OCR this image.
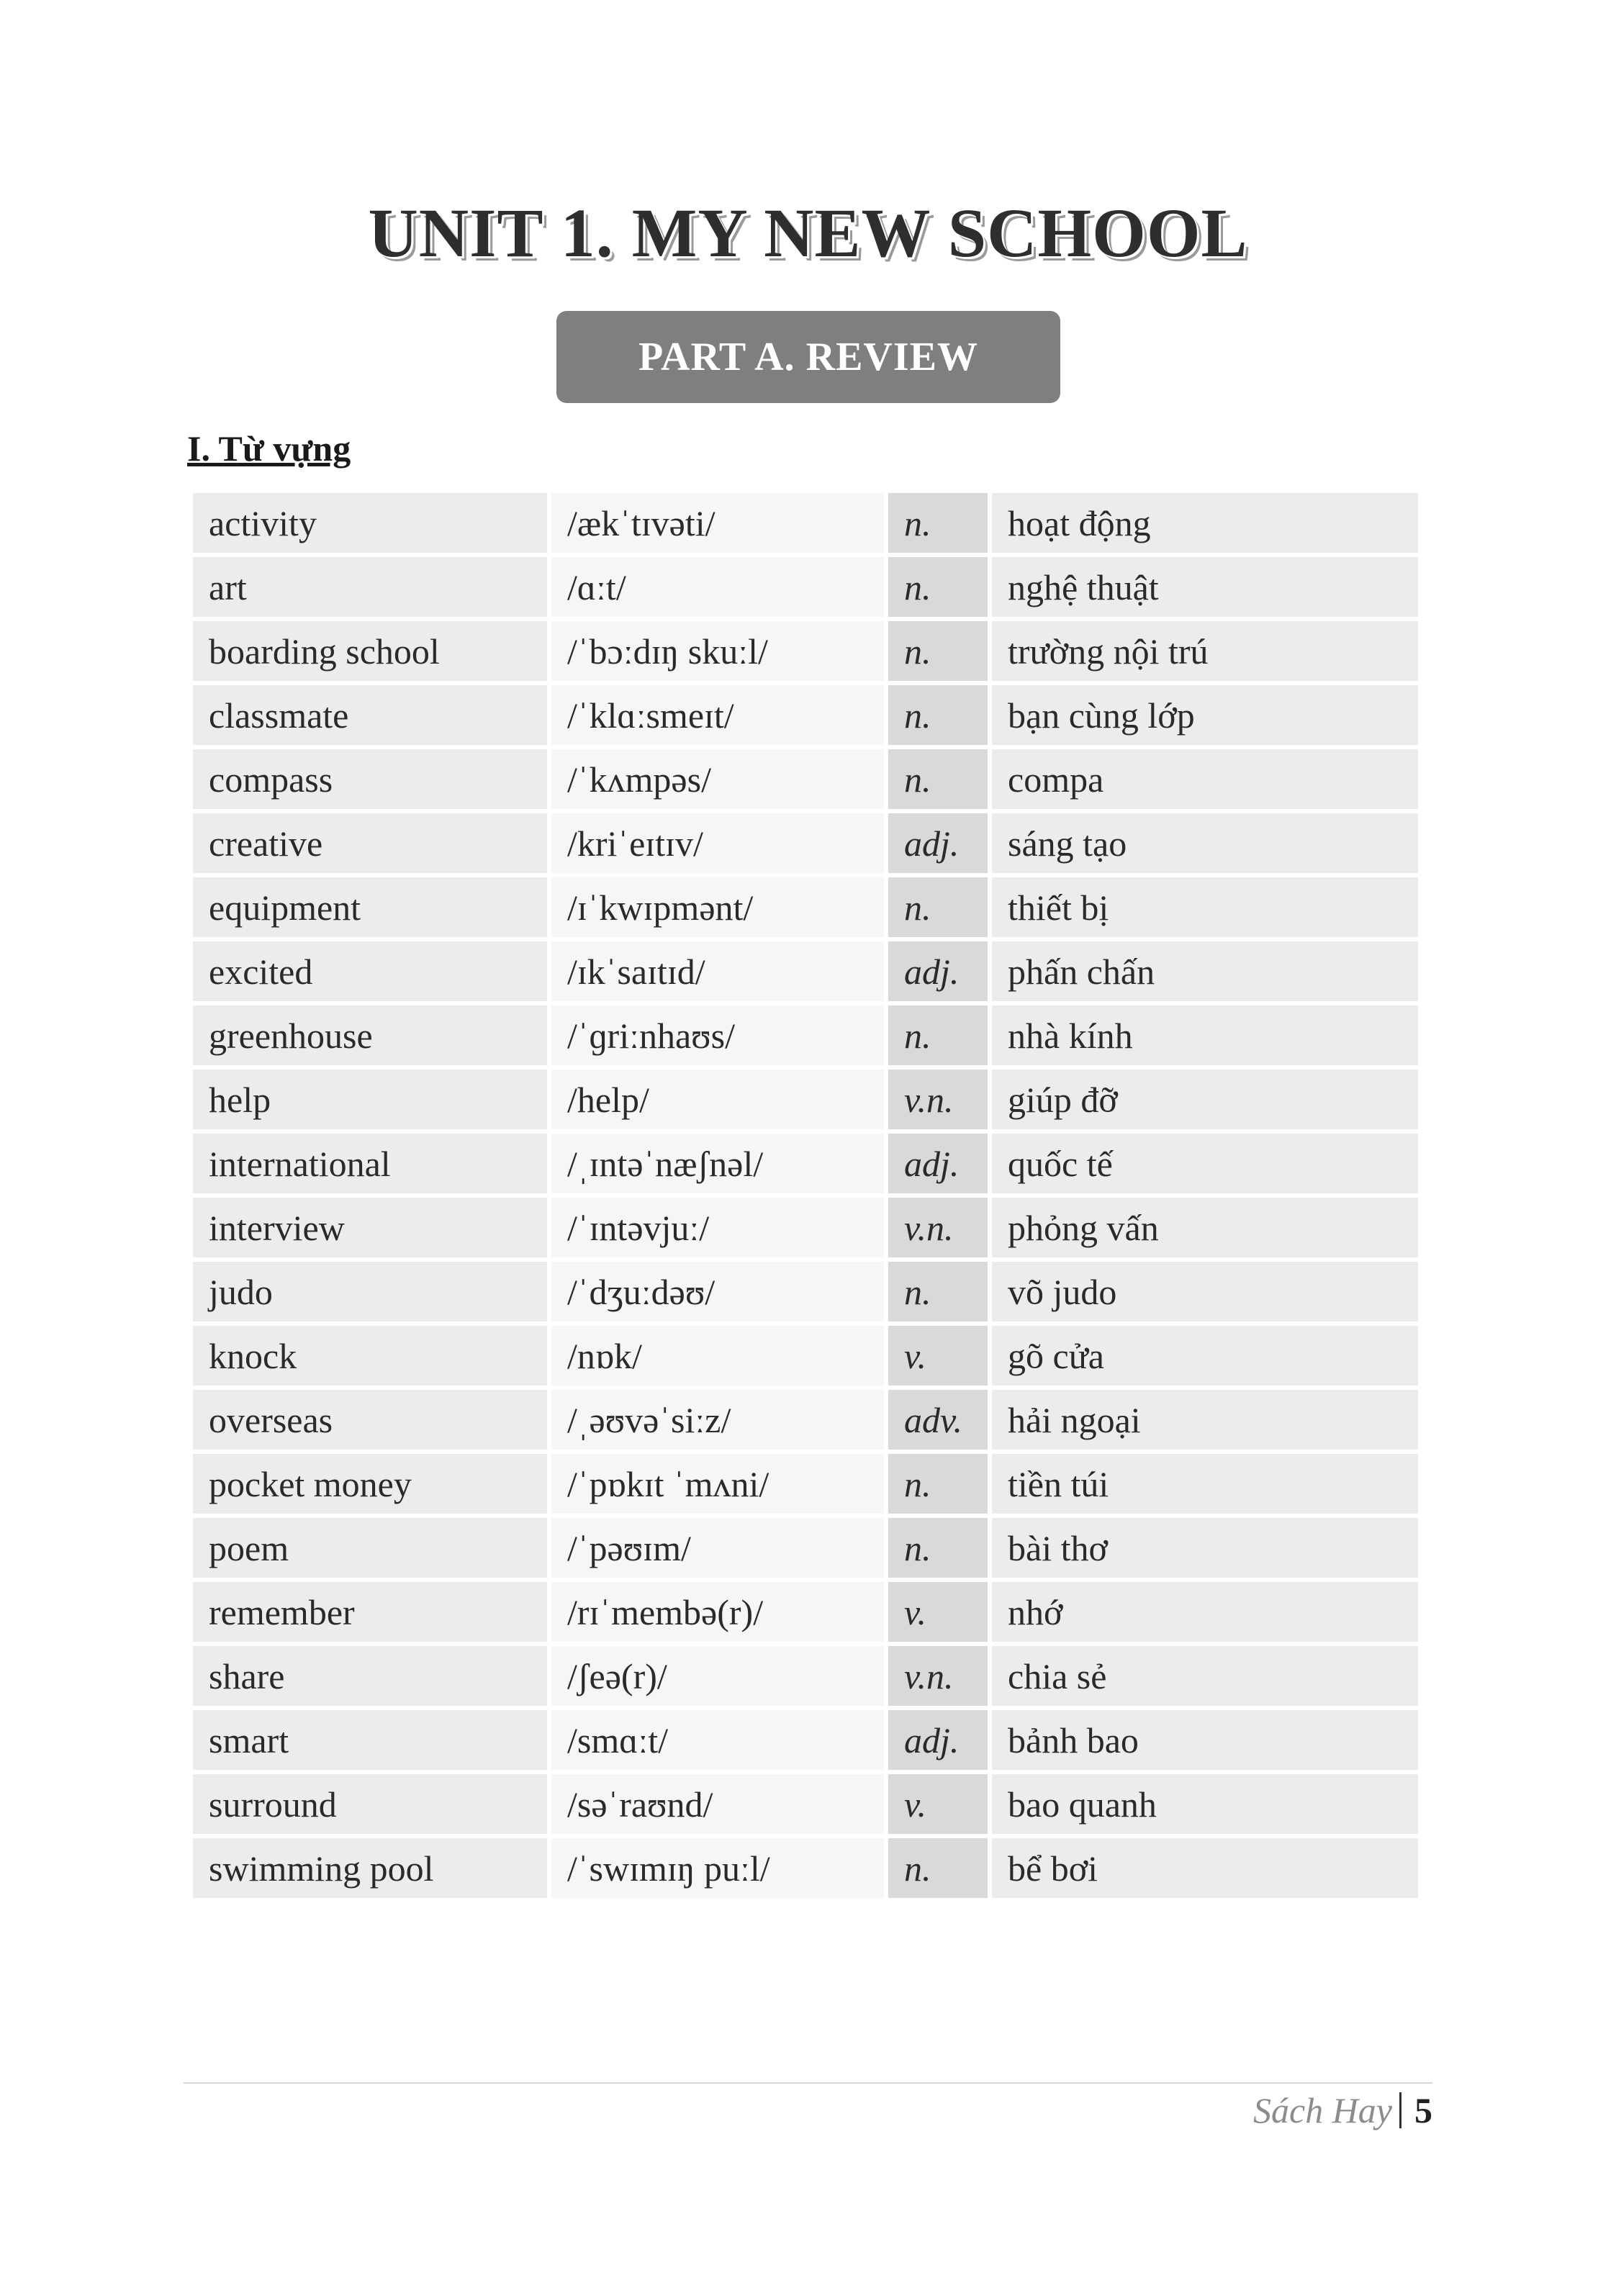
UNIT 1. MY NEW SCHOOL
PART A. REVIEW
I. Từ vựng
activity	/ækˈtɪvəti/	n.	hoạt động
art	/ɑːt/	n.	nghệ thuật
boarding school	/ˈbɔːdɪŋ skuːl/	n.	trường nội trú
classmate	/ˈklɑːsmeɪt/	n.	bạn cùng lớp
compass	/ˈkʌmpəs/	n.	compa
creative	/kriˈeɪtɪv/	adj.	sáng tạo
equipment	/ɪˈkwɪpmənt/	n.	thiết bị
excited	/ɪkˈsaɪtɪd/	adj.	phấn chấn
greenhouse	/ˈɡriːnhaʊs/	n.	nhà kính
help	/help/	v.n.	giúp đỡ
international	/ˌɪntəˈnæʃnəl/	adj.	quốc tế
interview	/ˈɪntəvjuː/	v.n.	phỏng vấn
judo	/ˈdʒuːdəʊ/	n.	võ judo
knock	/nɒk/	v.	gõ cửa
overseas	/ˌəʊvəˈsiːz/	adv.	hải ngoại
pocket money	/ˈpɒkɪt ˈmʌni/	n.	tiền túi
poem	/ˈpəʊɪm/	n.	bài thơ
remember	/rɪˈmembə(r)/	v.	nhớ
share	/ʃeə(r)/	v.n.	chia sẻ
smart	/smɑːt/	adj.	bảnh bao
surround	/səˈraʊnd/	v.	bao quanh
swimming pool	/ˈswɪmɪŋ puːl/	n.	bể bơi
Sách Hay 5
